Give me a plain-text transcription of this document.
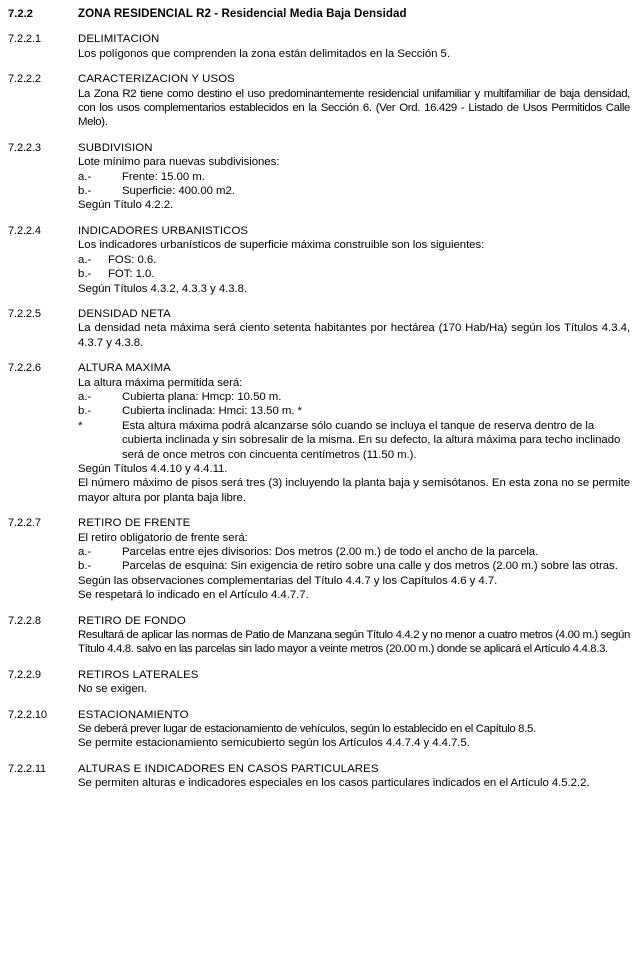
7.2.2	ZONA RESIDENCIAL R2 - Residencial Media Baja Densidad
7.2.2.1	DELIMITACION
Los polígonos que comprenden la zona están delimitados en la Sección 5.
7.2.2.2	CARACTERIZACION Y USOS
La Zona R2 tiene como destino el uso predominantemente residencial unifamiliar y multifamiliar de baja densidad, con los usos complementarios establecidos en la Sección 6. (Ver Ord. 16.429 - Listado de Usos Permitidos Calle Melo).
7.2.2.3	SUBDIVISION
Lote mínimo para nuevas subdivisiones:
a.-	Frente: 15.00 m.
b.-	Superficie: 400.00 m2.
Según Título 4.2.2.
7.2.2.4	INDICADORES URBANISTICOS
Los indicadores urbanísticos de superficie máxima construible son los siguientes:
a.-	FOS: 0.6.
b.-	FOT: 1.0.
Según Títulos 4.3.2, 4.3.3 y 4.3.8.
7.2.2.5	DENSIDAD NETA
La densidad neta máxima será ciento setenta habitantes por hectárea (170 Hab/Ha) según los Títulos 4.3.4, 4.3.7 y 4.3.8.
7.2.2.6	ALTURA MAXIMA
La altura máxima permitida será:
a.-	Cubierta plana: Hmcp: 10.50 m.
b.-	Cubierta inclinada: Hmci: 13.50 m. *
*	Esta altura máxima podrá alcanzarse sólo cuando se incluya el tanque de reserva dentro de la cubierta inclinada y sin sobresalir de la misma. En su defecto, la altura máxima para techo inclinado será de once metros con cincuenta centímetros (11.50 m.).
Según Títulos 4.4.10 y 4.4.11.
El número máximo de pisos será tres (3) incluyendo la planta baja y semisótanos. En esta zona no se permite mayor altura por planta baja libre.
7.2.2.7	RETIRO DE FRENTE
El retiro obligatorio de frente será:
a.-	Parcelas entre ejes divisorios: Dos metros (2.00 m.) de todo el ancho de la parcela.
b.-	Parcelas de esquina: Sin exigencia de retiro sobre una calle y dos metros (2.00 m.) sobre las otras.
Según las observaciones complementarias del Título 4.4.7 y los Capítulos 4.6 y 4.7.
Se respetará lo indicado en el Artículo 4.4.7.7.
7.2.2.8	RETIRO DE FONDO
Resultará de aplicar las normas de Patio de Manzana según Título 4.4.2 y no menor a cuatro metros (4.00 m.) según Título 4.4.8. salvo en las parcelas sin lado mayor a veinte metros (20.00 m.) donde se aplicará el Artículo 4.4.8.3.
7.2.2.9	RETIROS LATERALES
No se exigen.
7.2.2.10	ESTACIONAMIENTO
Se deberá prever lugar de estacionamiento de vehículos, según lo establecido en el Capítulo 8.5.
Se permite estacionamiento semicubierto según los Artículos 4.4.7.4 y 4.4.7.5.
7.2.2.11	ALTURAS E INDICADORES EN CASOS PARTICULARES
Se permiten alturas e indicadores especiales en los casos particulares indicados en el Artículo 4.5.2.2.
